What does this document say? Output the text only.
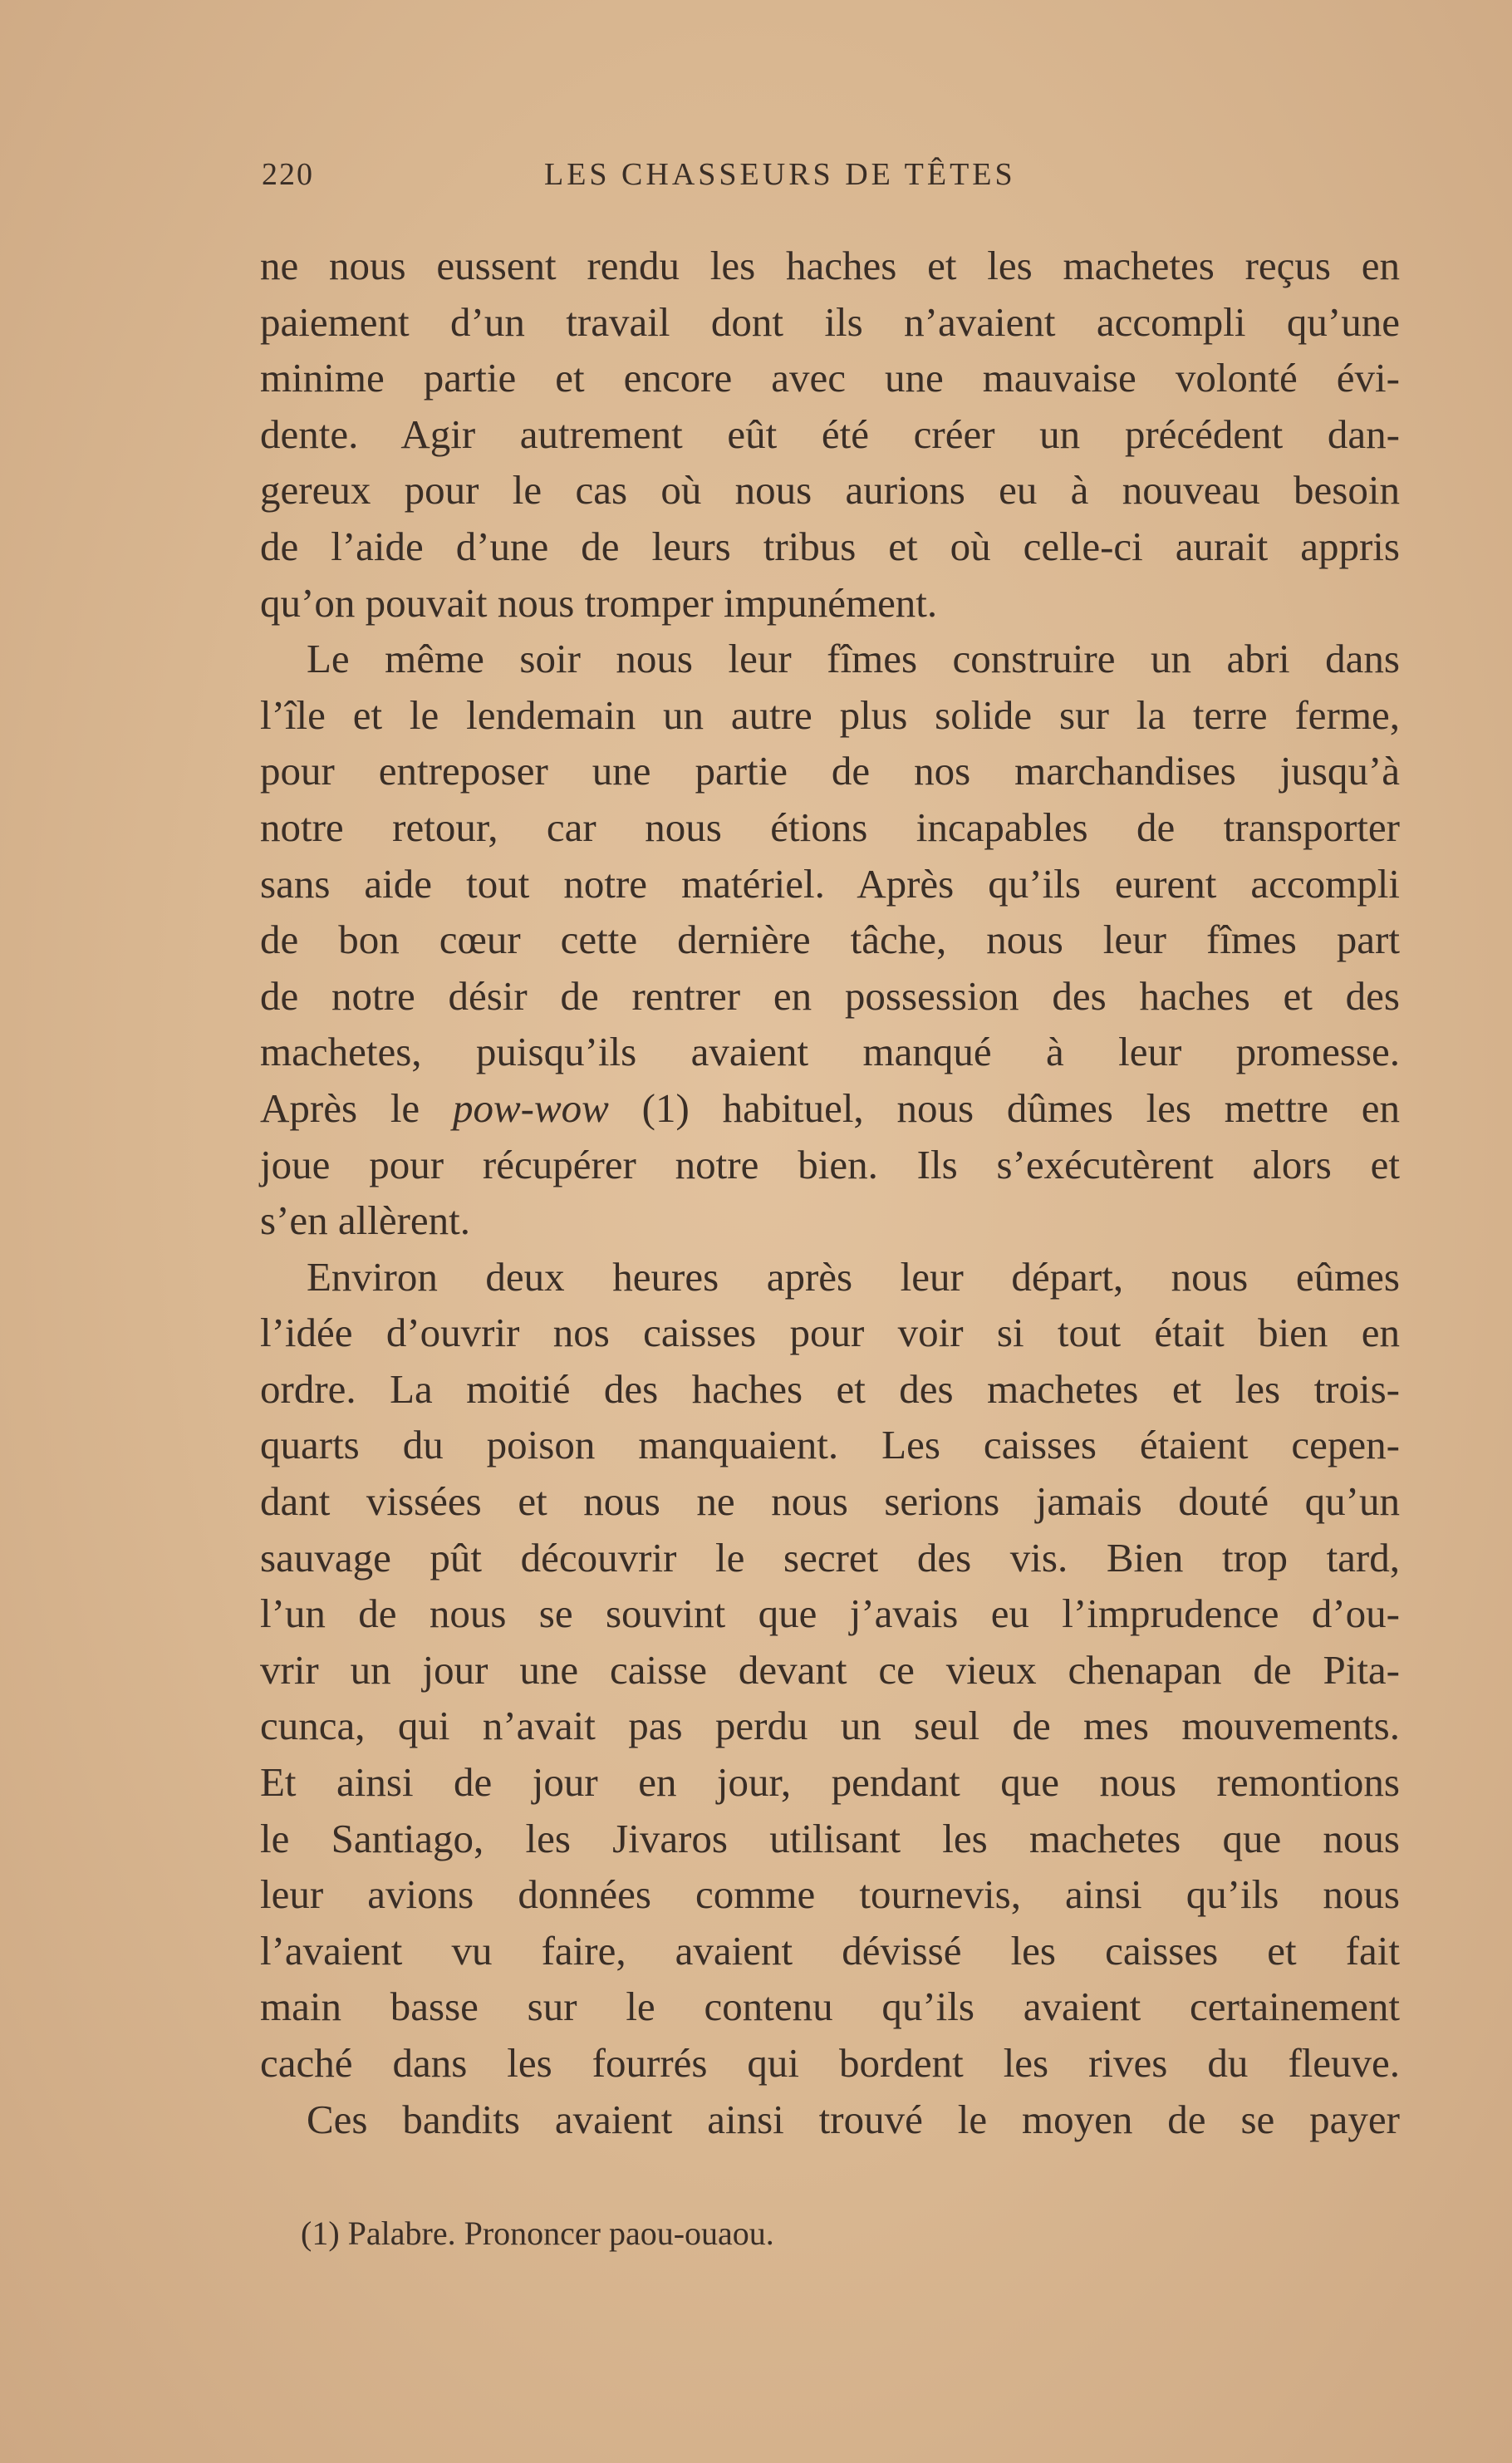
220	LES CHASSEURS DE TÊTES
ne nous eussent rendu les haches et les machetes reçus en
paiement d’un travail dont ils n’avaient accompli qu’une
minime partie et encore avec une mauvaise volonté évi-
dente. Agir autrement eût été créer un précédent dan-
gereux pour le cas où nous aurions eu à nouveau besoin
de l’aide d’une de leurs tribus et où celle-ci aurait appris
qu’on pouvait nous tromper impunément.
Le même soir nous leur fîmes construire un abri dans
l’île et le lendemain un autre plus solide sur la terre ferme,
pour entreposer une partie de nos marchandises jusqu’à
notre retour, car nous étions incapables de transporter
sans aide tout notre matériel. Après qu’ils eurent accompli
de bon cœur cette dernière tâche, nous leur fîmes part
de notre désir de rentrer en possession des haches et des
machetes, puisqu’ils avaient manqué à leur promesse.
Après le pow-wow (1) habituel, nous dûmes les mettre en
joue pour récupérer notre bien. Ils s’exécutèrent alors et
s’en allèrent.
Environ deux heures après leur départ, nous eûmes
l’idée d’ouvrir nos caisses pour voir si tout était bien en
ordre. La moitié des haches et des machetes et les trois-
quarts du poison manquaient. Les caisses étaient cepen-
dant vissées et nous ne nous serions jamais douté qu’un
sauvage pût découvrir le secret des vis. Bien trop tard,
l’un de nous se souvint que j’avais eu l’imprudence d’ou-
vrir un jour une caisse devant ce vieux chenapan de Pita-
cunca, qui n’avait pas perdu un seul de mes mouvements.
Et ainsi de jour en jour, pendant que nous remontions
le Santiago, les Jivaros utilisant les machetes que nous
leur avions données comme tournevis, ainsi qu’ils nous
l’avaient vu faire, avaient dévissé les caisses et fait
main basse sur le contenu qu’ils avaient certainement
caché dans les fourrés qui bordent les rives du fleuve.
Ces bandits avaient ainsi trouvé le moyen de se payer
(1) Palabre. Prononcer paou-ouaou.
